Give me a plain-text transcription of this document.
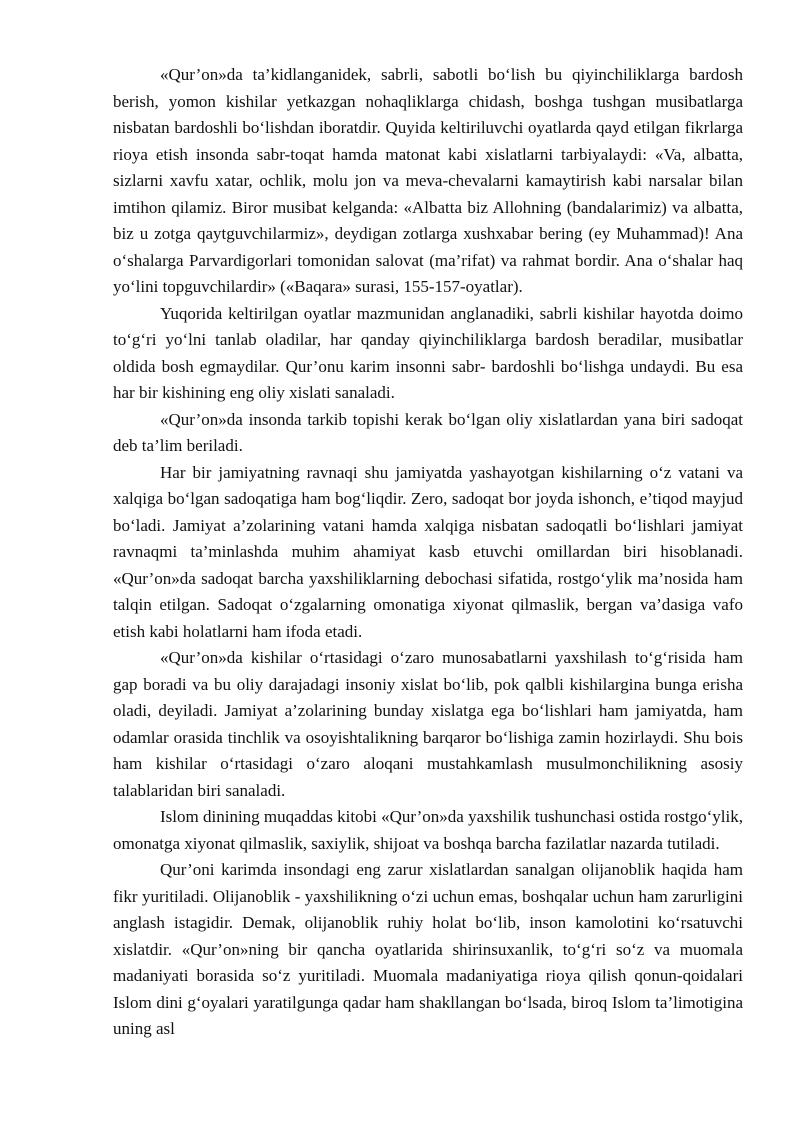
«Qur’on»da ta’kidlanganidek, sabrli, sabotli bo‘lish bu qiyinchiliklarga bardosh berish, yomon kishilar yetkazgan nohaqliklarga chidash, boshga tushgan musibatlarga nisbatan bardoshli bo‘lishdan iboratdir. Quyida keltiriluvchi oyatlarda qayd etilgan fikrlarga rioya etish insonda sabr-toqat hamda matonat kabi xislatlarni tarbiyalaydi: «Va, albatta, sizlarni xavfu xatar, ochlik, molu jon va meva-chevalarni kamaytirish kabi narsalar bilan imtihon qilamiz. Biror musibat kelganda: «Albatta biz Allohning (bandalarimiz) va albatta, biz u zotga qaytguvchilarmiz», deydigan zotlarga xushxabar bering (ey Muhammad)! Ana o‘shalarga Parvardigorlari tomonidan salovat (ma’rifat) va rahmat bordir. Ana o‘shalar haq yo‘lini topguvchilardir» («Baqara» surasi, 155-157-oyatlar).

Yuqorida keltirilgan oyatlar mazmunidan anglanadiki, sabrli kishilar hayotda doimo to‘g‘ri yo‘lni tanlab oladilar, har qanday qiyinchiliklarga bardosh beradilar, musibatlar oldida bosh egmaydilar. Qur’onu karim insonni sabr- bardoshli bo‘lishga undaydi. Bu esa har bir kishining eng oliy xislati sanaladi.

«Qur’on»da insonda tarkib topishi kerak bo‘lgan oliy xislatlardan yana biri sadoqat deb ta’lim beriladi.

Har bir jamiyatning ravnaqi shu jamiyatda yashayotgan kishilarning o‘z vatani va xalqiga bo‘lgan sadoqatiga ham bog‘liqdir. Zero, sadoqat bor joyda ishonch, e’tiqod mayjud bo‘ladi. Jamiyat a’zolarining vatani hamda xalqiga nisbatan sadoqatli bo‘lishlari jamiyat ravnaqmi ta’minlashda muhim ahamiyat kasb etuvchi omillardan biri hisoblanadi. «Qur’on»da sadoqat barcha yaxshiliklarning debochasi sifatida, rostgo‘ylik ma’nosida ham talqin etilgan. Sadoqat o‘zgalarning omonatiga xiyonat qilmaslik, bergan va’dasiga vafo etish kabi holatlarni ham ifoda etadi.

«Qur’on»da kishilar o‘rtasidagi o‘zaro munosabatlarni yaxshilash to‘g‘risida ham gap boradi va bu oliy darajadagi insoniy xislat bo‘lib, pok qalbli kishilargina bunga erisha oladi, deyiladi. Jamiyat a’zolarining bunday xislatga ega bo‘lishlari ham jamiyatda, ham odamlar orasida tinchlik va osoyishtalikning barqaror bo‘lishiga zamin hozirlaydi. Shu bois ham kishilar o‘rtasidagi o‘zaro aloqani mustahkamlash musulmonchilikning asosiy talablaridan biri sanaladi.

Islom dinining muqaddas kitobi «Qur’on»da yaxshilik tushunchasi ostida rostgo‘ylik, omonatga xiyonat qilmaslik, saxiylik, shijoat va boshqa barcha fazilatlar nazarda tutiladi.

Qur’oni karimda insondagi eng zarur xislatlardan sanalgan olijanoblik haqida ham fikr yuritiladi. Olijanoblik - yaxshilikning o‘zi uchun emas, boshqalar uchun ham zarurligini anglash istagidir. Demak, olijanoblik ruhiy holat bo‘lib, inson kamolotini ko‘rsatuvchi xislatdir. «Qur’on»ning bir qancha oyatlarida shirinsuxanlik, to‘g‘ri so‘z va muomala madaniyati borasida so‘z yuritiladi. Muomala madaniyatiga rioya qilish qonun-qoidalari Islom dini g‘oyalari yaratilgunga qadar ham shakllangan bo‘lsada, biroq Islom ta’limotigina uning asl
